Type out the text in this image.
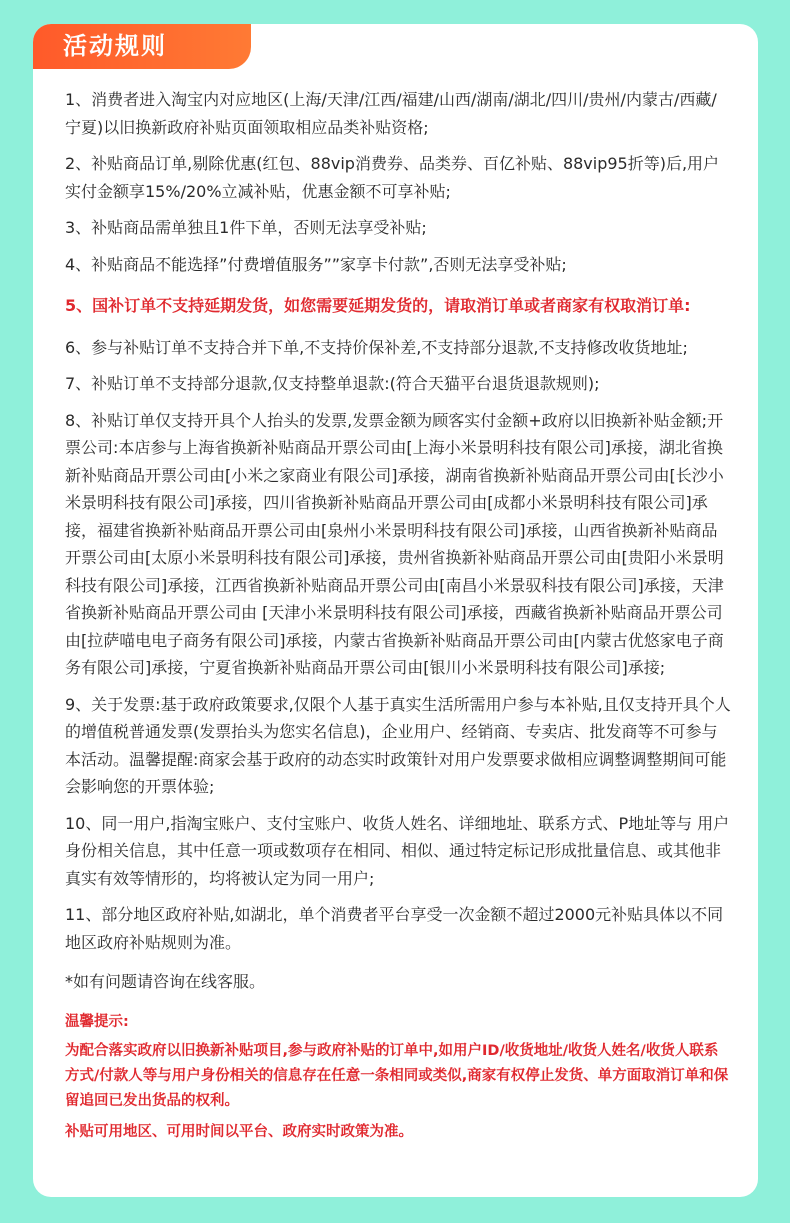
活动规则

1、消费者进入淘宝内对应地区(上海/天津/江西/福建/山西/湖南/湖北/四川/贵州/内蒙古/西藏/宁夏)以旧换新政府补贴页面领取相应品类补贴资格;

2、补贴商品订单,剔除优惠(红包、88vip消费券、品类券、百亿补贴、88vip95折等)后,用户实付金额享15%/20%立减补贴，优惠金额不可享补贴;

3、补贴商品需单独且1件下单，否则无法享受补贴;

4、补贴商品不能选择”付费增值服务””家享卡付款”,否则无法享受补贴;

5、国补订单不支持延期发货，如您需要延期发货的，请取消订单或者商家有权取消订单:

6、参与补贴订单不支持合并下单,不支持价保补差,不支持部分退款,不支持修改收货地址;

7、补贴订单不支持部分退款,仅支持整单退款:(符合天猫平台退货退款规则);

8、补贴订单仅支持开具个人抬头的发票,发票金额为顾客实付金额+政府以旧换新补贴金额;开票公司:本店参与上海省换新补贴商品开票公司由[上海小米景明科技有限公司]承接，湖北省换新补贴商品开票公司由[小米之家商业有限公司]承接，湖南省换新补贴商品开票公司由[长沙小米景明科技有限公司]承接，四川省换新补贴商品开票公司由[成都小米景明科技有限公司]承接，福建省换新补贴商品开票公司由[泉州小米景明科技有限公司]承接，山西省换新补贴商品开票公司由[太原小米景明科技有限公司]承接，贵州省换新补贴商品开票公司由[贵阳小米景明科技有限公司]承接，江西省换新补贴商品开票公司由[南昌小米景驭科技有限公司]承接，天津省换新补贴商品开票公司由 [天津小米景明科技有限公司]承接，西藏省换新补贴商品开票公司由[拉萨喵电电子商务有限公司]承接，内蒙古省换新补贴商品开票公司由[内蒙古优悠家电子商务有限公司]承接，宁夏省换新补贴商品开票公司由[银川小米景明科技有限公司]承接;

9、关于发票:基于政府政策要求,仅限个人基于真实生活所需用户参与本补贴,且仅支持开具个人的增值税普通发票(发票抬头为您实名信息)，企业用户、经销商、专卖店、批发商等不可参与本活动。温馨提醒:商家会基于政府的动态实时政策针对用户发票要求做相应调整调整期间可能会影响您的开票体验;

10、同一用户,指淘宝账户、支付宝账户、收货人姓名、详细地址、联系方式、P地址等与 用户身份相关信息，其中任意一项或数项存在相同、相似、通过特定标记形成批量信息、或其他非真实有效等情形的，均将被认定为同一用户;

11、部分地区政府补贴,如湖北，单个消费者平台享受一次金额不超过2000元补贴具体以不同地区政府补贴规则为准。

*如有问题请咨询在线客服。

温馨提示:

为配合落实政府以旧换新补贴项目,参与政府补贴的订单中,如用户ID/收货地址/收货人姓名/收货人联系方式/付款人等与用户身份相关的信息存在任意一条相同或类似,商家有权停止发货、单方面取消订单和保留追回已发出货品的权利。

补贴可用地区、可用时间以平台、政府实时政策为准。
